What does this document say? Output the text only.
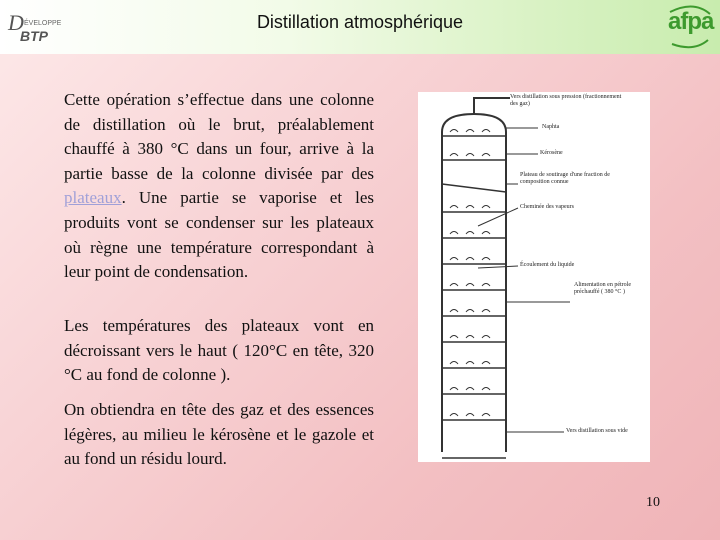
D ÉVELOPPE
BTP
Distillation atmosphérique	afpa
Cette opération s’effectue dans une colonne de distillation où le brut, préalablement chauffé à 380 °C dans un four, arrive à la partie basse de la colonne divisée par des plateaux. Une partie se vaporise et les produits vont se condenser sur les plateaux où règne une température correspondant à leur point de condensation.
Les températures des plateaux vont en décroissant vers le haut ( 120°C en tête, 320 °C au fond de colonne ).
On obtiendra en tête des gaz et des essences légères, au milieu le kérosène et le gazole et au fond un résidu lourd.
Vers distillation sous pression (fractionnement des gaz)
Naphta
Kérosène
Plateau de soutirage d'une fraction de composition connue
Cheminée des vapeurs
Écoulement du liquide
Alimentation en pétrole préchauffé ( 380 °C )
Vers distillation sous vide
10
